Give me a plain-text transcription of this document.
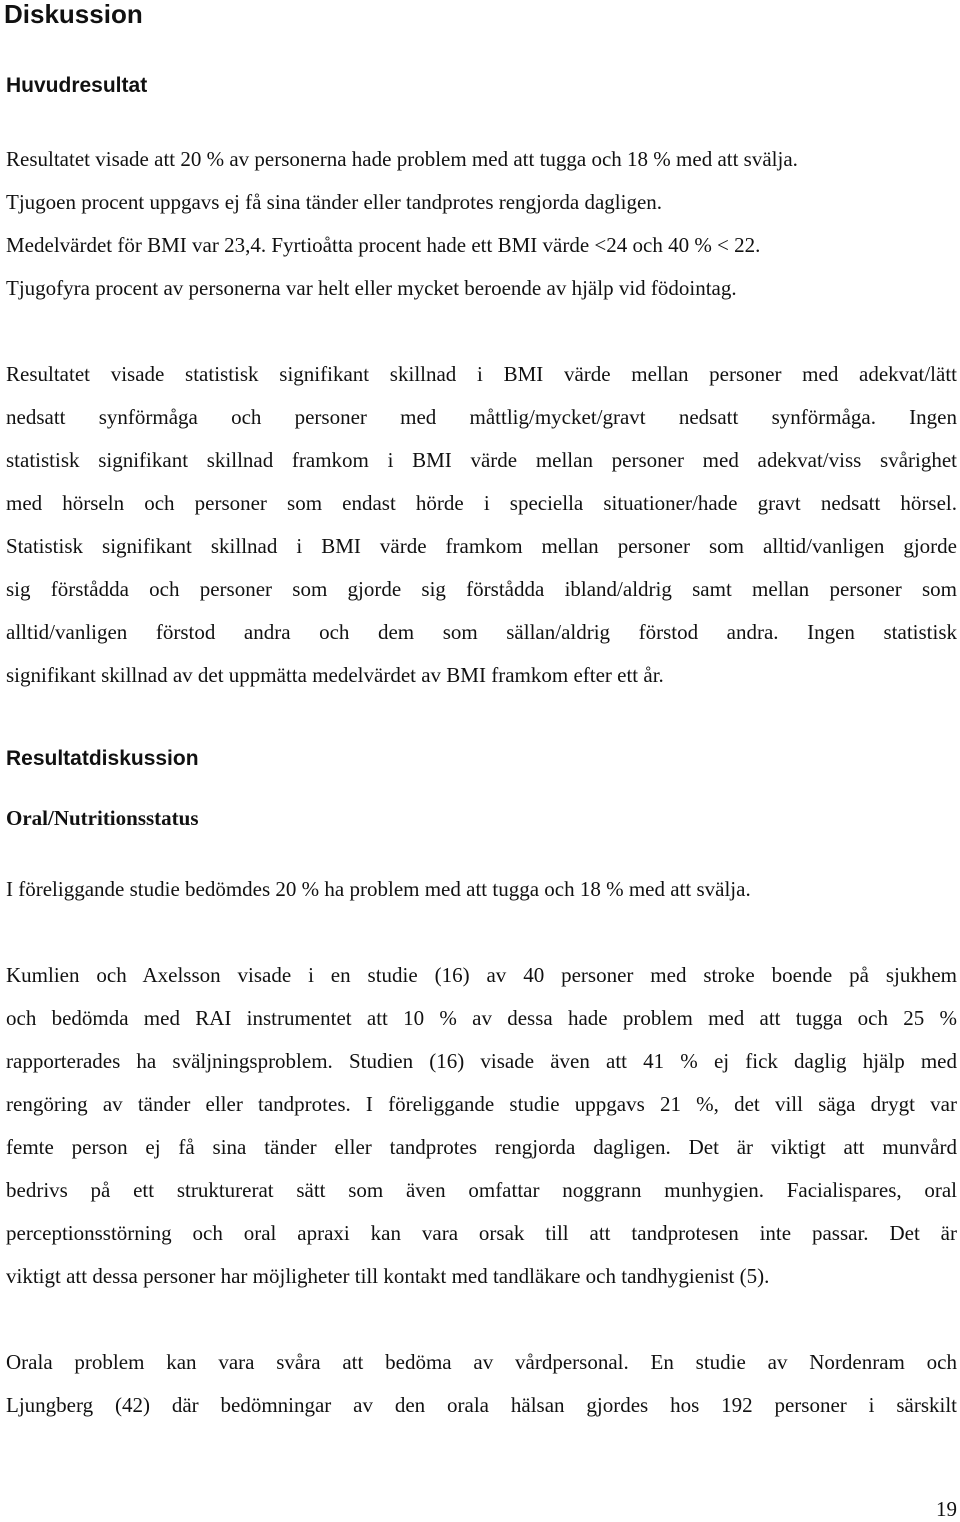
Diskussion
Huvudresultat

Resultatet visade att 20 % av personerna hade problem med att tugga och 18 % med att svälja.

Tjugoen procent uppgavs ej få sina tänder eller tandprotes rengjorda dagligen.

Medelvärdet för BMI var 23,4. Fyrtioåtta procent hade ett BMI värde <24 och 40 % < 22.

Tjugofyra procent av personerna var helt eller mycket beroende av hjälp vid födointag.

Resultatet visade statistisk signifikant skillnad i BMI värde mellan personer med adekvat/lätt

nedsatt synförmåga och personer med måttlig/mycket/gravt nedsatt synförmåga. Ingen

statistisk signifikant skillnad framkom i BMI värde mellan personer med adekvat/viss svårighet

med hörseln och personer som endast hörde i speciella situationer/hade gravt nedsatt hörsel.

Statistisk signifikant skillnad i BMI värde framkom mellan personer som alltid/vanligen gjorde

sig förstådda och personer som gjorde sig förstådda ibland/aldrig samt mellan personer som

alltid/vanligen förstod andra och dem som sällan/aldrig förstod andra. Ingen statistisk

signifikant skillnad av det uppmätta medelvärdet av BMI framkom efter ett år.

Resultatdiskussion
Oral/Nutritionsstatus

I föreliggande studie bedömdes 20 % ha problem med att tugga och 18 % med att svälja.

Kumlien och Axelsson visade i en studie (16) av 40 personer med stroke boende på sjukhem

och bedömda med RAI instrumentet att 10 % av dessa hade problem med att tugga och 25 %

rapporterades ha sväljningsproblem. Studien (16) visade även att 41 % ej fick daglig hjälp med

rengöring av tänder eller tandprotes. I föreliggande studie uppgavs 21 %, det vill säga drygt var

femte person ej få sina tänder eller tandprotes rengjorda dagligen. Det är viktigt att munvård

bedrivs på ett strukturerat sätt som även omfattar noggrann munhygien. Facialispares, oral

perceptionsstörning och oral apraxi kan vara orsak till att tandprotesen inte passar. Det är

viktigt att dessa personer har möjligheter till kontakt med tandläkare och tandhygienist (5).

Orala problem kan vara svåra att bedöma av vårdpersonal. En studie av Nordenram och

Ljungberg (42) där bedömningar av den orala hälsan gjordes hos 192 personer i särskilt

19
